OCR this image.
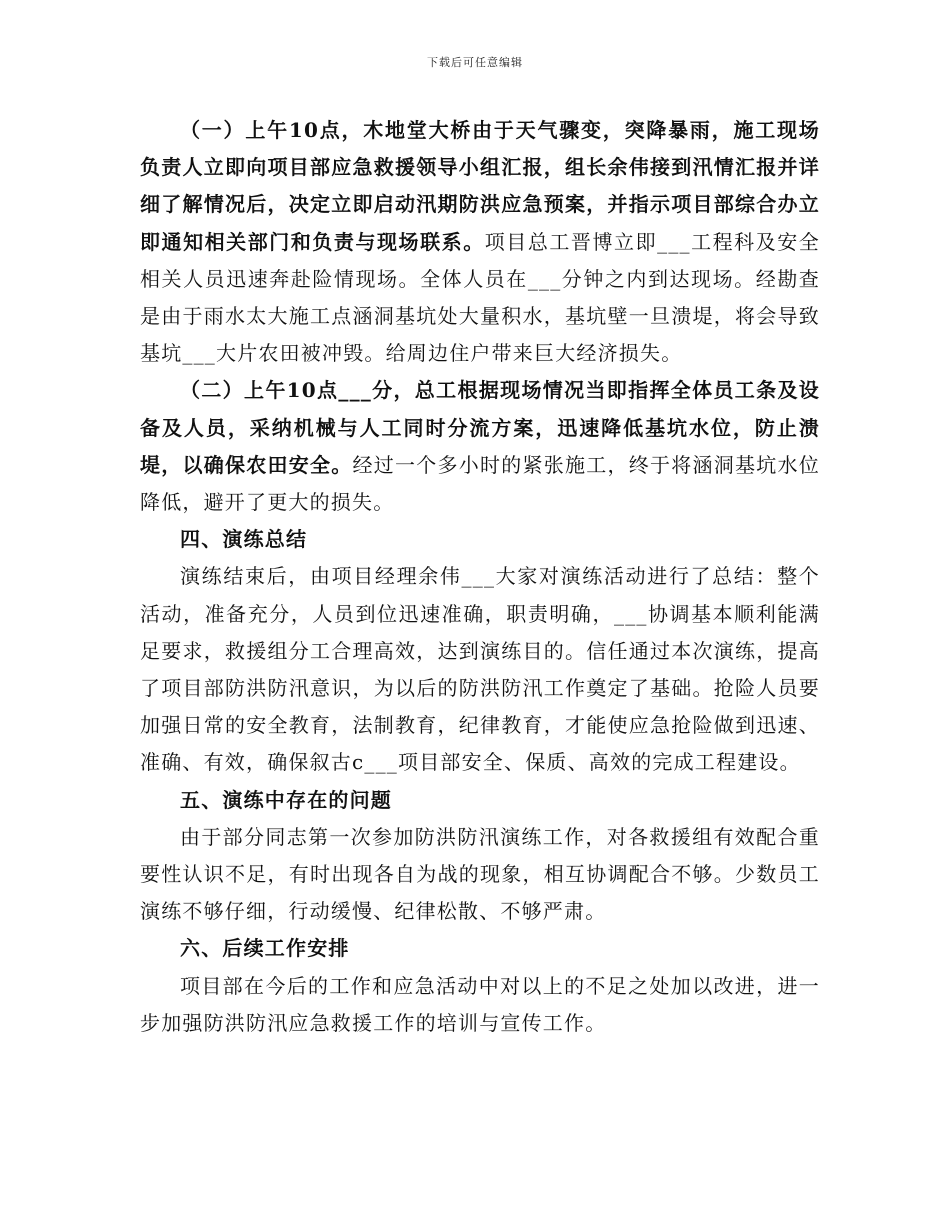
下载后可任意编辑

（一）上午10点，木地堂大桥由于天气骤变，突降暴雨，施工现场负责人立即向项目部应急救援领导小组汇报，组长余伟接到汛情汇报并详细了解情况后，决定立即启动汛期防洪应急预案，并指示项目部综合办立即通知相关部门和负责与现场联系。项目总工晋博立即___工程科及安全相关人员迅速奔赴险情现场。全体人员在___分钟之内到达现场。经勘查是由于雨水太大施工点涵洞基坑处大量积水，基坑壁一旦溃堤，将会导致基坑___大片农田被冲毁。给周边住户带来巨大经济损失。

（二）上午10点___分，总工根据现场情况当即指挥全体员工条及设备及人员，采纳机械与人工同时分流方案，迅速降低基坑水位，防止溃堤，以确保农田安全。经过一个多小时的紧张施工，终于将涵洞基坑水位降低，避开了更大的损失。

四、演练总结

演练结束后，由项目经理余伟___大家对演练活动进行了总结：整个活动，准备充分，人员到位迅速准确，职责明确，___协调基本顺利能满足要求，救援组分工合理高效，达到演练目的。信任通过本次演练，提高了项目部防洪防汛意识，为以后的防洪防汛工作奠定了基础。抢险人员要加强日常的安全教育，法制教育，纪律教育，才能使应急抢险做到迅速、准确、有效，确保叙古c___项目部安全、保质、高效的完成工程建设。

五、演练中存在的问题

由于部分同志第一次参加防洪防汛演练工作，对各救援组有效配合重要性认识不足，有时出现各自为战的现象，相互协调配合不够。少数员工演练不够仔细，行动缓慢、纪律松散、不够严肃。

六、后续工作安排

项目部在今后的工作和应急活动中对以上的不足之处加以改进，进一步加强防洪防汛应急救援工作的培训与宣传工作。
